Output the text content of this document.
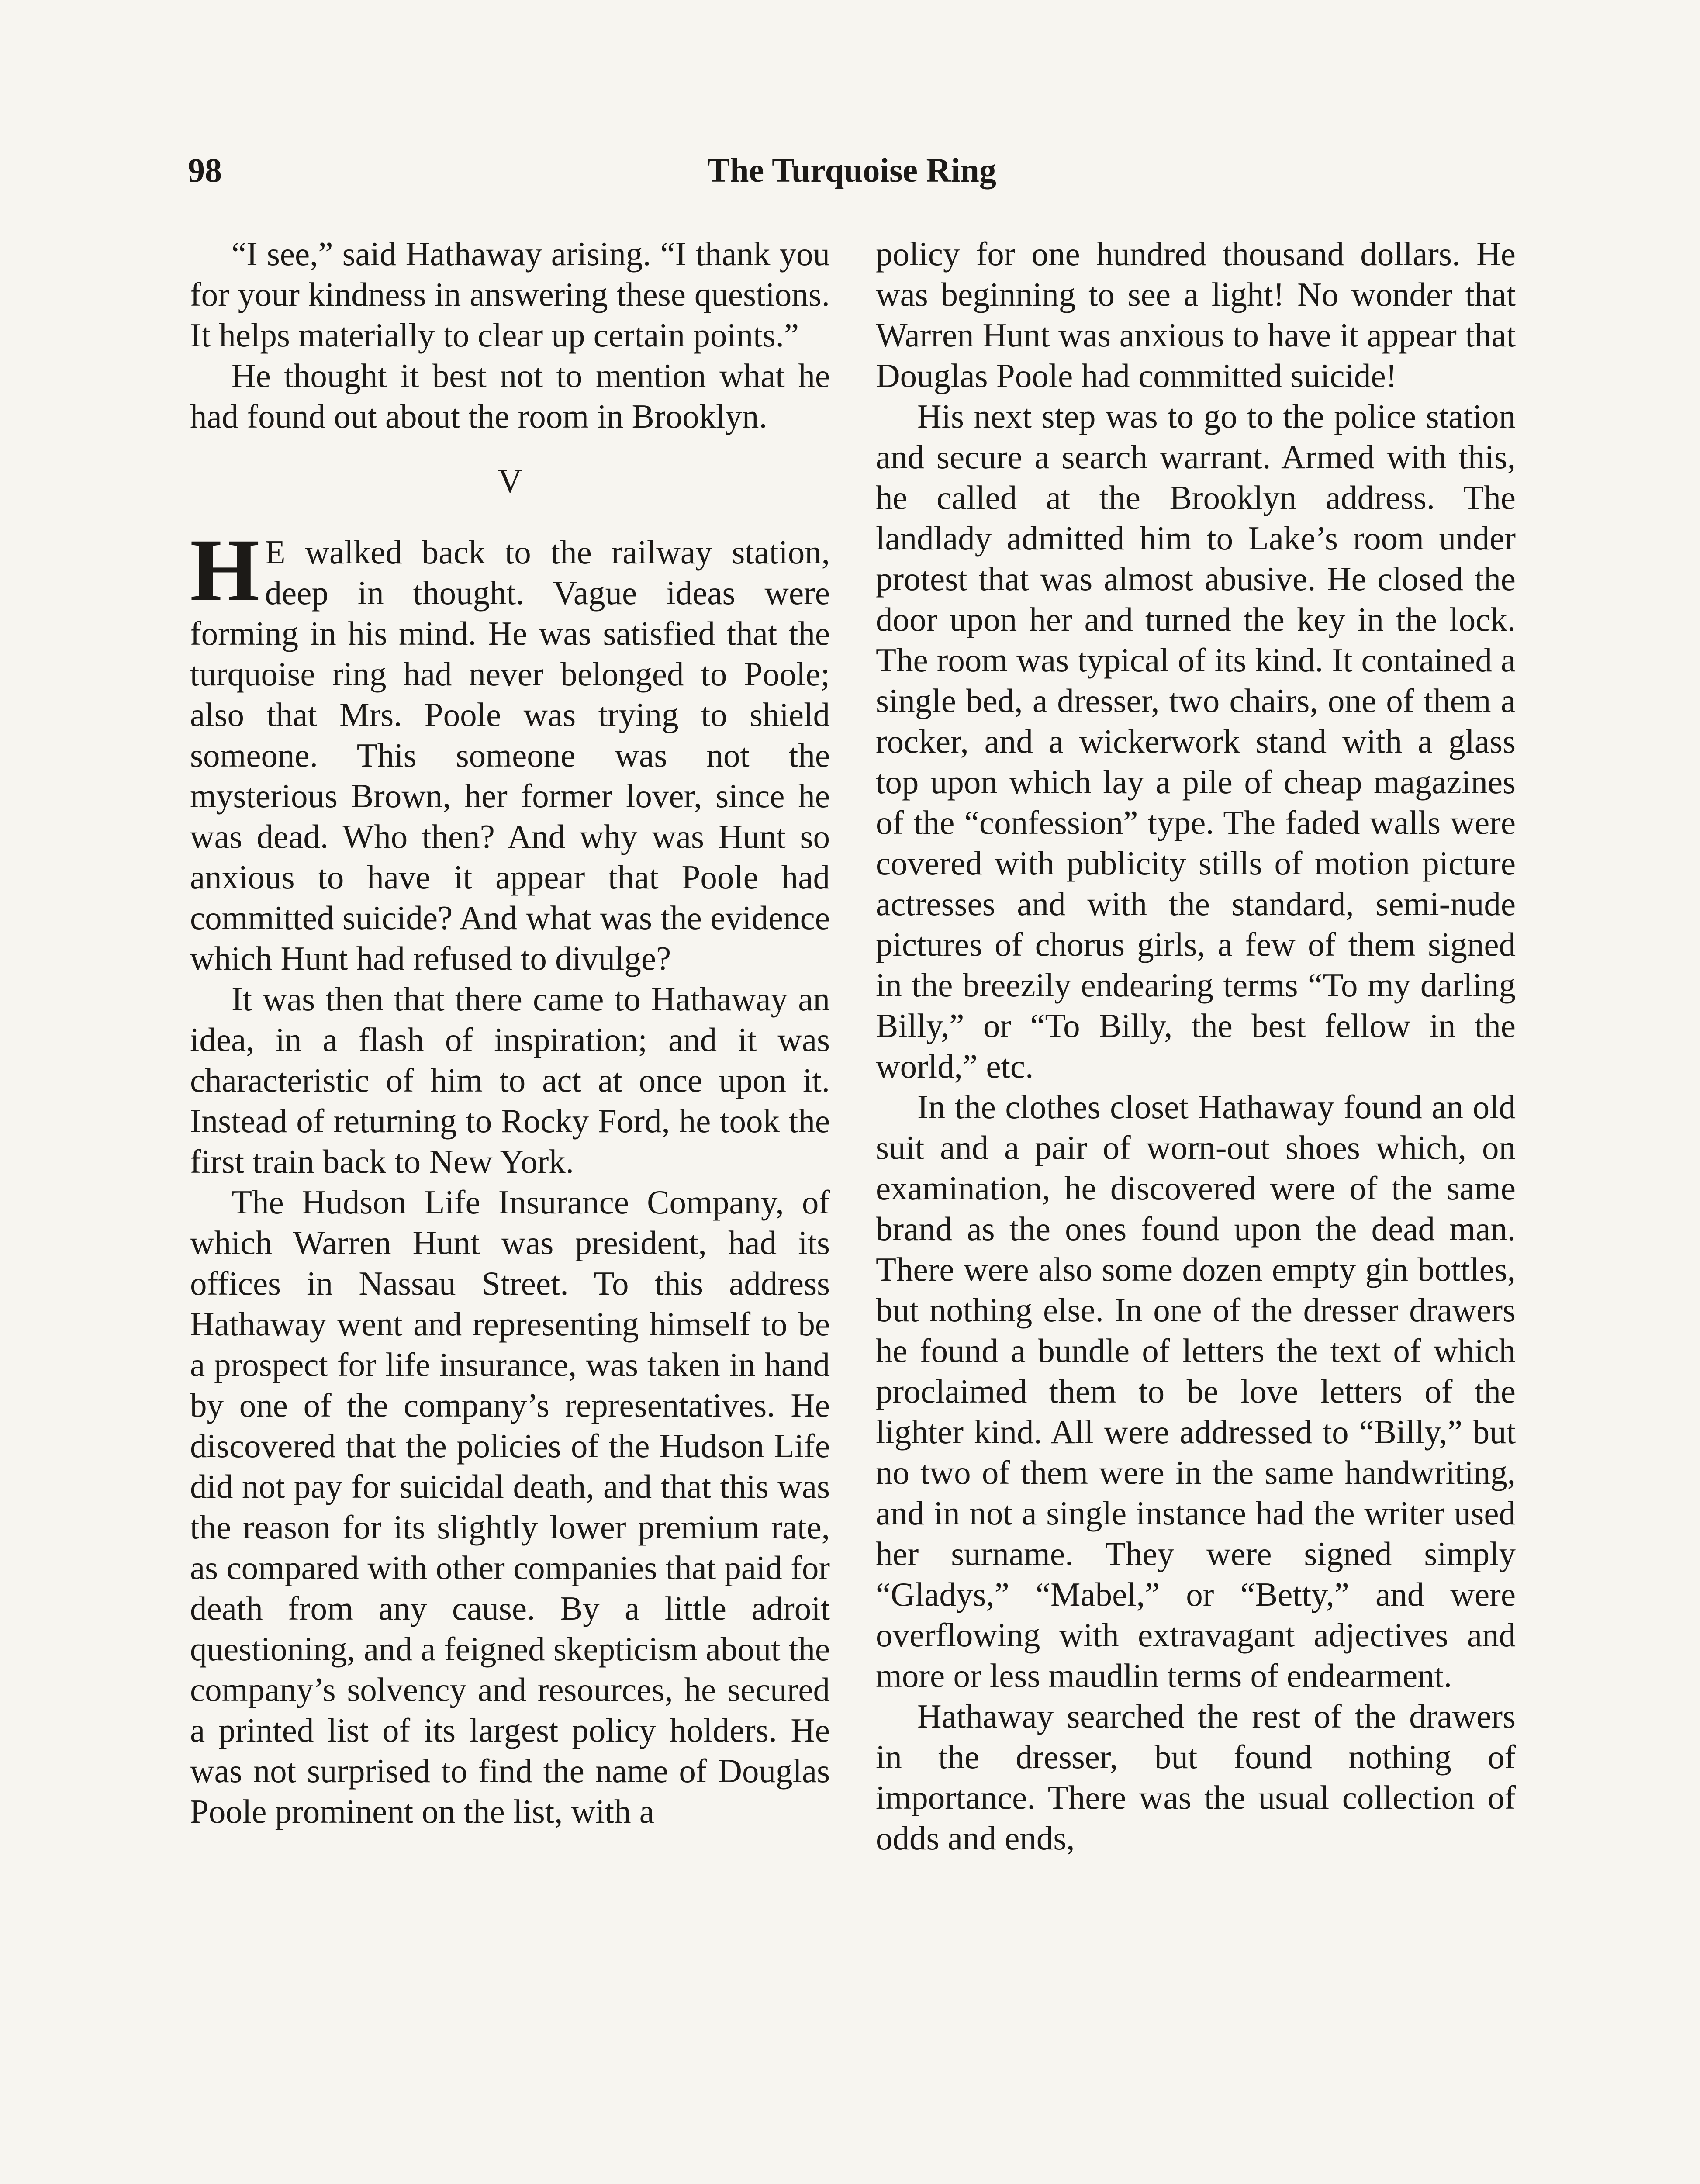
98	The Turquoise Ring

“I see,” said Hathaway arising. “I thank you for your kindness in answering these questions. It helps materially to clear up certain points.”

He thought it best not to mention what he had found out about the room in Brooklyn.

V

H E walked back to the railway station, deep in thought. Vague ideas were forming in his mind. He was satisfied that the turquoise ring had never belonged to Poole; also that Mrs. Poole was trying to shield someone. This someone was not the mysterious Brown, her former lover, since he was dead. Who then? And why was Hunt so anxious to have it appear that Poole had committed suicide? And what was the evidence which Hunt had refused to divulge?

It was then that there came to Hathaway an idea, in a flash of inspiration; and it was characteristic of him to act at once upon it. Instead of returning to Rocky Ford, he took the first train back to New York.

The Hudson Life Insurance Company, of which Warren Hunt was president, had its offices in Nassau Street. To this address Hathaway went and representing himself to be a prospect for life insurance, was taken in hand by one of the company’s representatives. He discovered that the policies of the Hudson Life did not pay for suicidal death, and that this was the reason for its slightly lower premium rate, as compared with other companies that paid for death from any cause. By a little adroit questioning, and a feigned skepticism about the company’s solvency and resources, he secured a printed list of its largest policy holders. He was not surprised to find the name of Douglas Poole prominent on the list, with a

policy for one hundred thousand dollars. He was beginning to see a light! No wonder that Warren Hunt was anxious to have it appear that Douglas Poole had committed suicide!

His next step was to go to the police station and secure a search warrant. Armed with this, he called at the Brooklyn address. The landlady admitted him to Lake’s room under protest that was almost abusive. He closed the door upon her and turned the key in the lock. The room was typical of its kind. It contained a single bed, a dresser, two chairs, one of them a rocker, and a wickerwork stand with a glass top upon which lay a pile of cheap magazines of the “confession” type. The faded walls were covered with publicity stills of motion picture actresses and with the standard, semi-nude pictures of chorus girls, a few of them signed in the breezily endearing terms “To my darling Billy,” or “To Billy, the best fellow in the world,” etc.

In the clothes closet Hathaway found an old suit and a pair of worn-out shoes which, on examination, he discovered were of the same brand as the ones found upon the dead man. There were also some dozen empty gin bottles, but nothing else. In one of the dresser drawers he found a bundle of letters the text of which proclaimed them to be love letters of the lighter kind. All were addressed to “Billy,” but no two of them were in the same handwriting, and in not a single instance had the writer used her surname. They were signed simply “Gladys,” “Mabel,” or “Betty,” and were overflowing with extravagant adjectives and more or less maudlin terms of endearment.

Hathaway searched the rest of the drawers in the dresser, but found nothing of importance. There was the usual collection of odds and ends,
